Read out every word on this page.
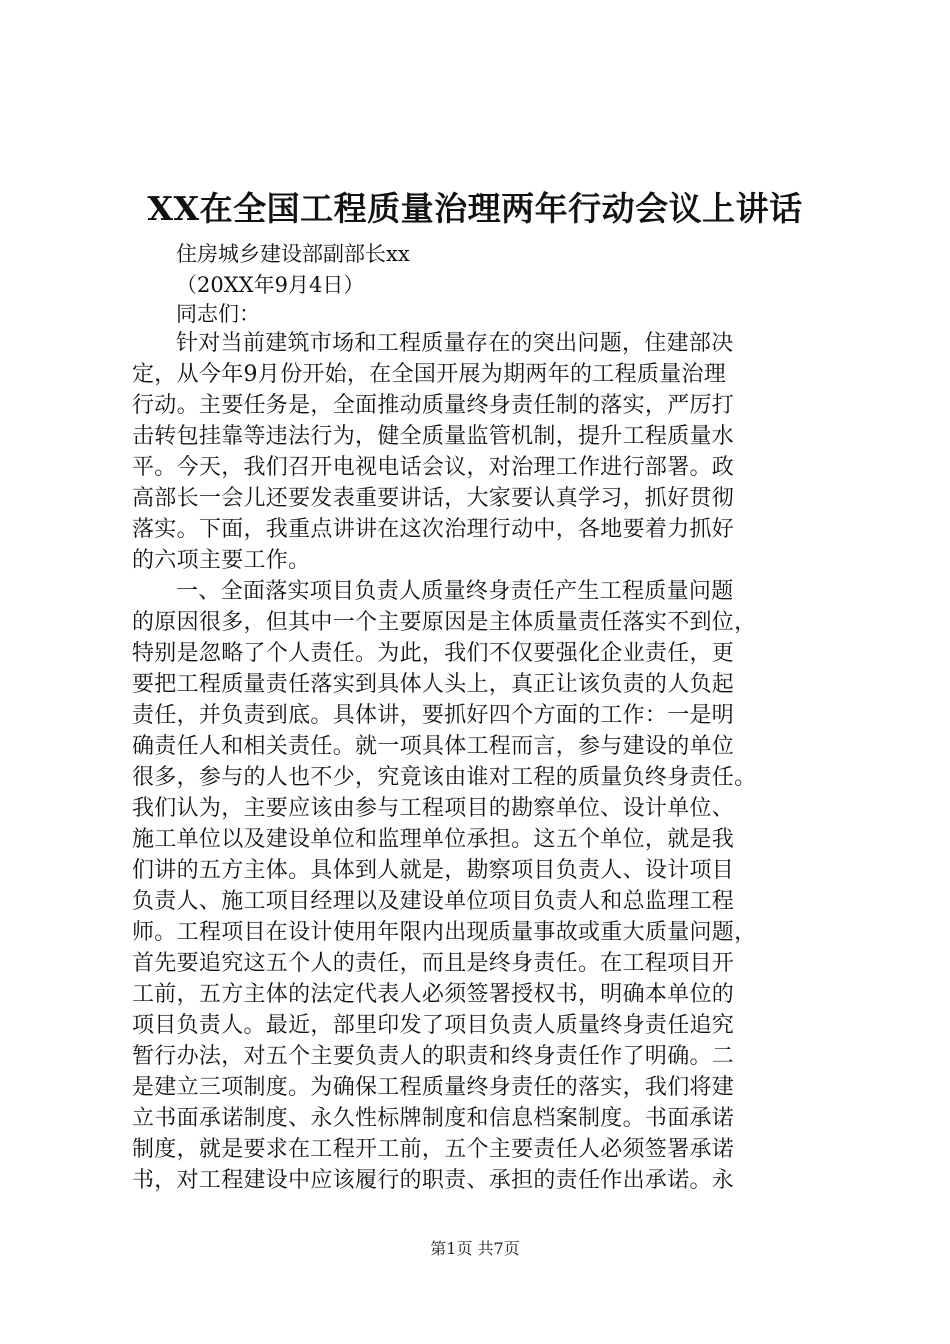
XX在全国工程质量治理两年行动会议上讲话
住房城乡建设部副部长xx
（20XX年9月4日）
同志们：
针对当前建筑市场和工程质量存在的突出问题，住建部决
定，从今年9月份开始，在全国开展为期两年的工程质量治理
行动。主要任务是，全面推动质量终身责任制的落实，严厉打
击转包挂靠等违法行为，健全质量监管机制，提升工程质量水
平。今天，我们召开电视电话会议，对治理工作进行部署。政
高部长一会儿还要发表重要讲话，大家要认真学习，抓好贯彻
落实。下面，我重点讲讲在这次治理行动中，各地要着力抓好
的六项主要工作。
一、全面落实项目负责人质量终身责任产生工程质量问题
的原因很多，但其中一个主要原因是主体质量责任落实不到位，
特别是忽略了个人责任。为此，我们不仅要强化企业责任，更
要把工程质量责任落实到具体人头上，真正让该负责的人负起
责任，并负责到底。具体讲，要抓好四个方面的工作：一是明
确责任人和相关责任。就一项具体工程而言，参与建设的单位
很多，参与的人也不少，究竟该由谁对工程的质量负终身责任。
我们认为，主要应该由参与工程项目的勘察单位、设计单位、
施工单位以及建设单位和监理单位承担。这五个单位，就是我
们讲的五方主体。具体到人就是，勘察项目负责人、设计项目
负责人、施工项目经理以及建设单位项目负责人和总监理工程
师。工程项目在设计使用年限内出现质量事故或重大质量问题，
首先要追究这五个人的责任，而且是终身责任。在工程项目开
工前，五方主体的法定代表人必须签署授权书，明确本单位的
项目负责人。最近，部里印发了项目负责人质量终身责任追究
暂行办法，对五个主要负责人的职责和终身责任作了明确。二
是建立三项制度。为确保工程质量终身责任的落实，我们将建
立书面承诺制度、永久性标牌制度和信息档案制度。书面承诺
制度，就是要求在工程开工前，五个主要责任人必须签署承诺
书，对工程建设中应该履行的职责、承担的责任作出承诺。永
第1页 共7页
